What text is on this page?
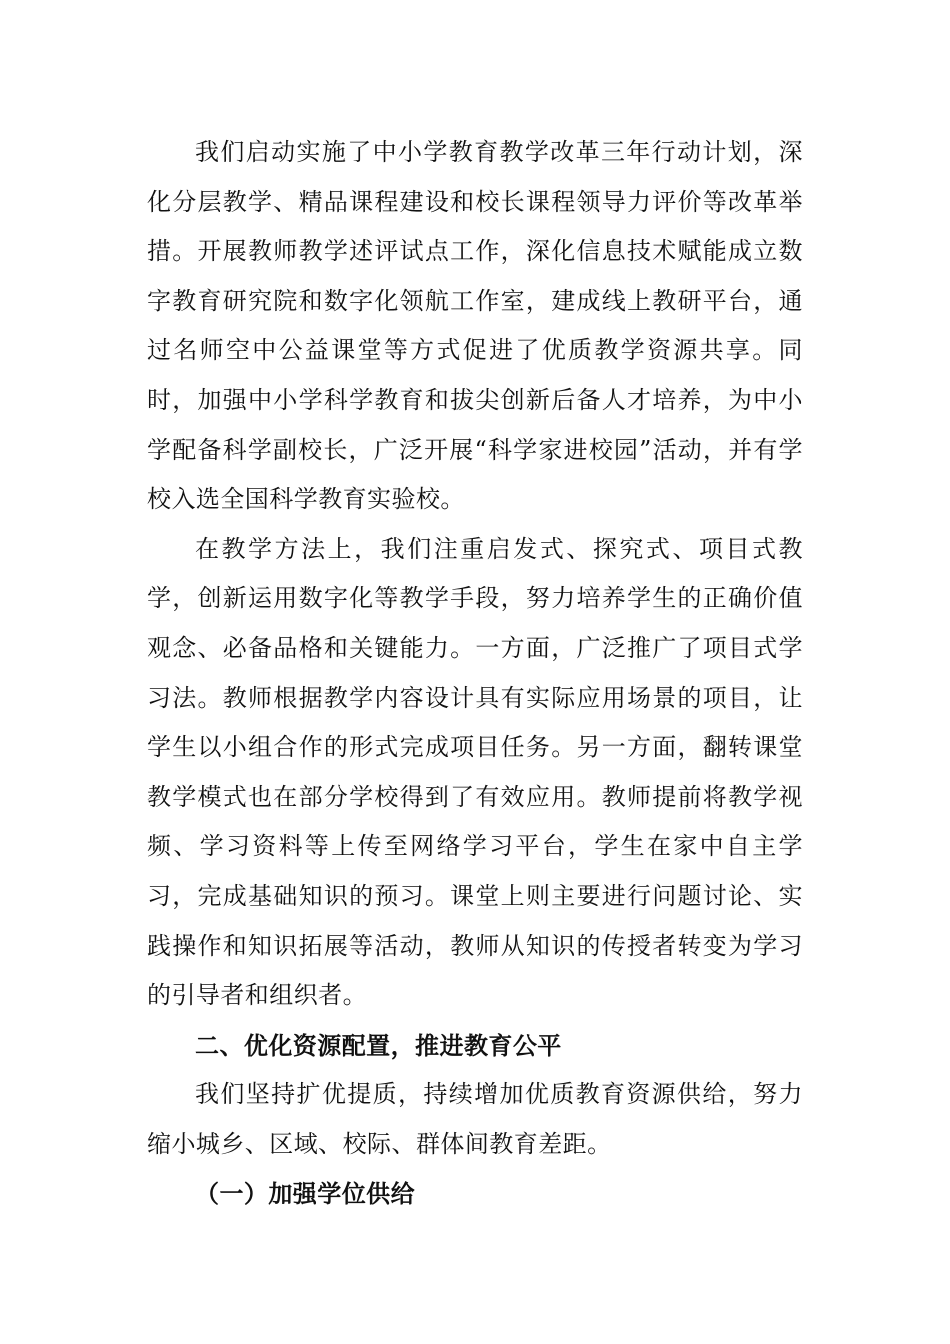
我们启动实施了中小学教育教学改革三年行动计划，深化分层教学、精品课程建设和校长课程领导力评价等改革举措。开展教师教学述评试点工作，深化信息技术赋能成立数字教育研究院和数字化领航工作室，建成线上教研平台，通过名师空中公益课堂等方式促进了优质教学资源共享。同时，加强中小学科学教育和拔尖创新后备人才培养，为中小学配备科学副校长，广泛开展“科学家进校园”活动，并有学校入选全国科学教育实验校。

在教学方法上，我们注重启发式、探究式、项目式教学，创新运用数字化等教学手段，努力培养学生的正确价值观念、必备品格和关键能力。一方面，广泛推广了项目式学习法。教师根据教学内容设计具有实际应用场景的项目，让学生以小组合作的形式完成项目任务。另一方面，翻转课堂教学模式也在部分学校得到了有效应用。教师提前将教学视频、学习资料等上传至网络学习平台，学生在家中自主学习，完成基础知识的预习。课堂上则主要进行问题讨论、实践操作和知识拓展等活动，教师从知识的传授者转变为学习的引导者和组织者。

二、优化资源配置，推进教育公平

我们坚持扩优提质，持续增加优质教育资源供给，努力缩小城乡、区域、校际、群体间教育差距。

（一）加强学位供给
